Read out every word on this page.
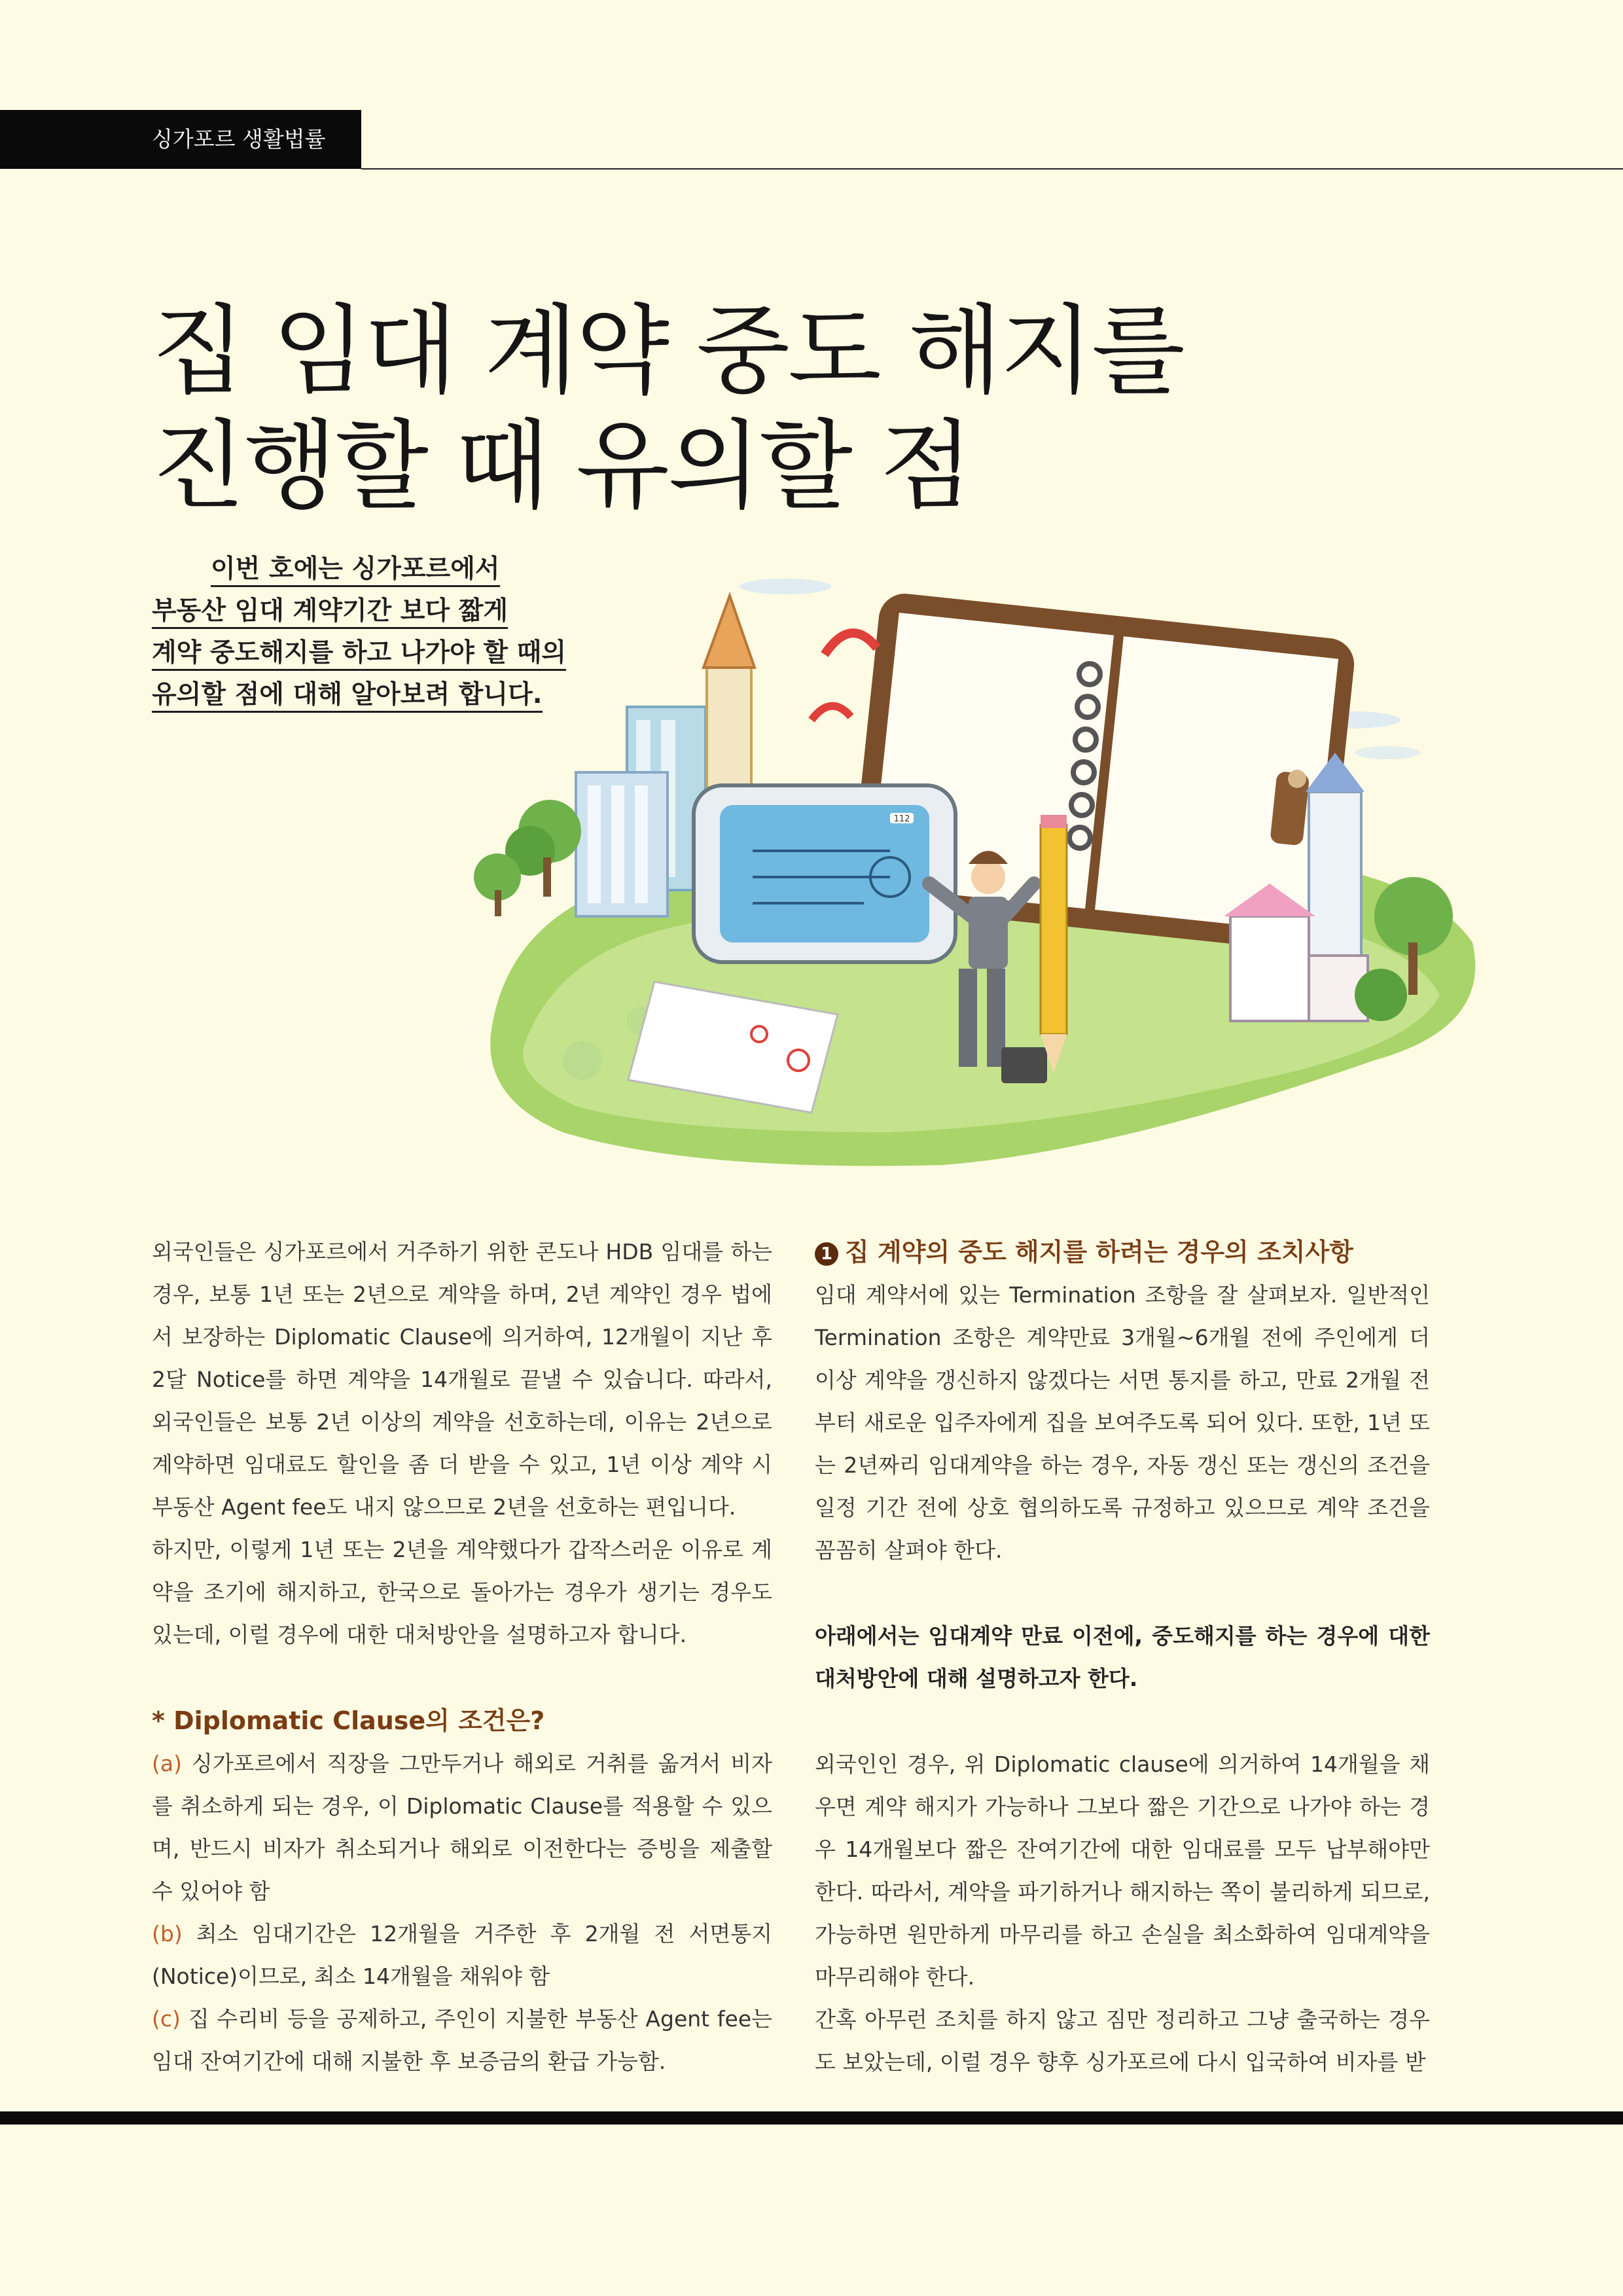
싱가포르 생활법률
집 임대 계약 중도 해지를
진행할 때 유의할 점
이번 호에는 싱가포르에서
부동산 임대 계약기간 보다 짧게
계약 중도해지를 하고 나가야 할 때의
유의할 점에 대해 알아보려 합니다.
112

외국인들은 싱가포르에서 거주하기 위한 콘도나 HDB 임대를 하는 경우, 보통 1년 또는 2년으로 계약을 하며, 2년 계약인 경우 법에서 보장하는 Diplomatic Clause에 의거하여, 12개월이 지난 후 2달 Notice를 하면 계약을 14개월로 끝낼 수 있습니다. 따라서, 외국인들은 보통 2년 이상의 계약을 선호하는데, 이유는 2년으로 계약하면 임대료도 할인을 좀 더 받을 수 있고, 1년 이상 계약 시 부동산 Agent fee도 내지 않으므로 2년을 선호하는 편입니다.

하지만, 이렇게 1년 또는 2년을 계약했다가 갑작스러운 이유로 계약을 조기에 해지하고, 한국으로 돌아가는 경우가 생기는 경우도 있는데, 이럴 경우에 대한 대처방안을 설명하고자 합니다.

* Diplomatic Clause의 조건은?

(a) 싱가포르에서 직장을 그만두거나 해외로 거취를 옮겨서 비자를 취소하게 되는 경우, 이 Diplomatic Clause를 적용할 수 있으며, 반드시 비자가 취소되거나 해외로 이전한다는 증빙을 제출할 수 있어야 함

(b) 최소 임대기간은 12개월을 거주한 후 2개월 전 서면통지(Notice)이므로, 최소 14개월을 채워야 함

(c) 집 수리비 등을 공제하고, 주인이 지불한 부동산 Agent fee는 임대 잔여기간에 대해 지불한 후 보증금의 환급 가능함.

1 집 계약의 중도 해지를 하려는 경우의 조치사항

임대 계약서에 있는 Termination 조항을 잘 살펴보자. 일반적인 Termination 조항은 계약만료 3개월~6개월 전에 주인에게 더 이상 계약을 갱신하지 않겠다는 서면 통지를 하고, 만료 2개월 전부터 새로운 입주자에게 집을 보여주도록 되어 있다. 또한, 1년 또는 2년짜리 임대계약을 하는 경우, 자동 갱신 또는 갱신의 조건을 일정 기간 전에 상호 협의하도록 규정하고 있으므로 계약 조건을 꼼꼼히 살펴야 한다.

아래에서는 임대계약 만료 이전에, 중도해지를 하는 경우에 대한 대처방안에 대해 설명하고자 한다.

외국인인 경우, 위 Diplomatic clause에 의거하여 14개월을 채우면 계약 해지가 가능하나 그보다 짧은 기간으로 나가야 하는 경우 14개월보다 짧은 잔여기간에 대한 임대료를 모두 납부해야만 한다. 따라서, 계약을 파기하거나 해지하는 쪽이 불리하게 되므로, 가능하면 원만하게 마무리를 하고 손실을 최소화하여 임대계약을 마무리해야 한다.

간혹 아무런 조치를 하지 않고 짐만 정리하고 그냥 출국하는 경우도 보았는데, 이럴 경우 향후 싱가포르에 다시 입국하여 비자를 받
